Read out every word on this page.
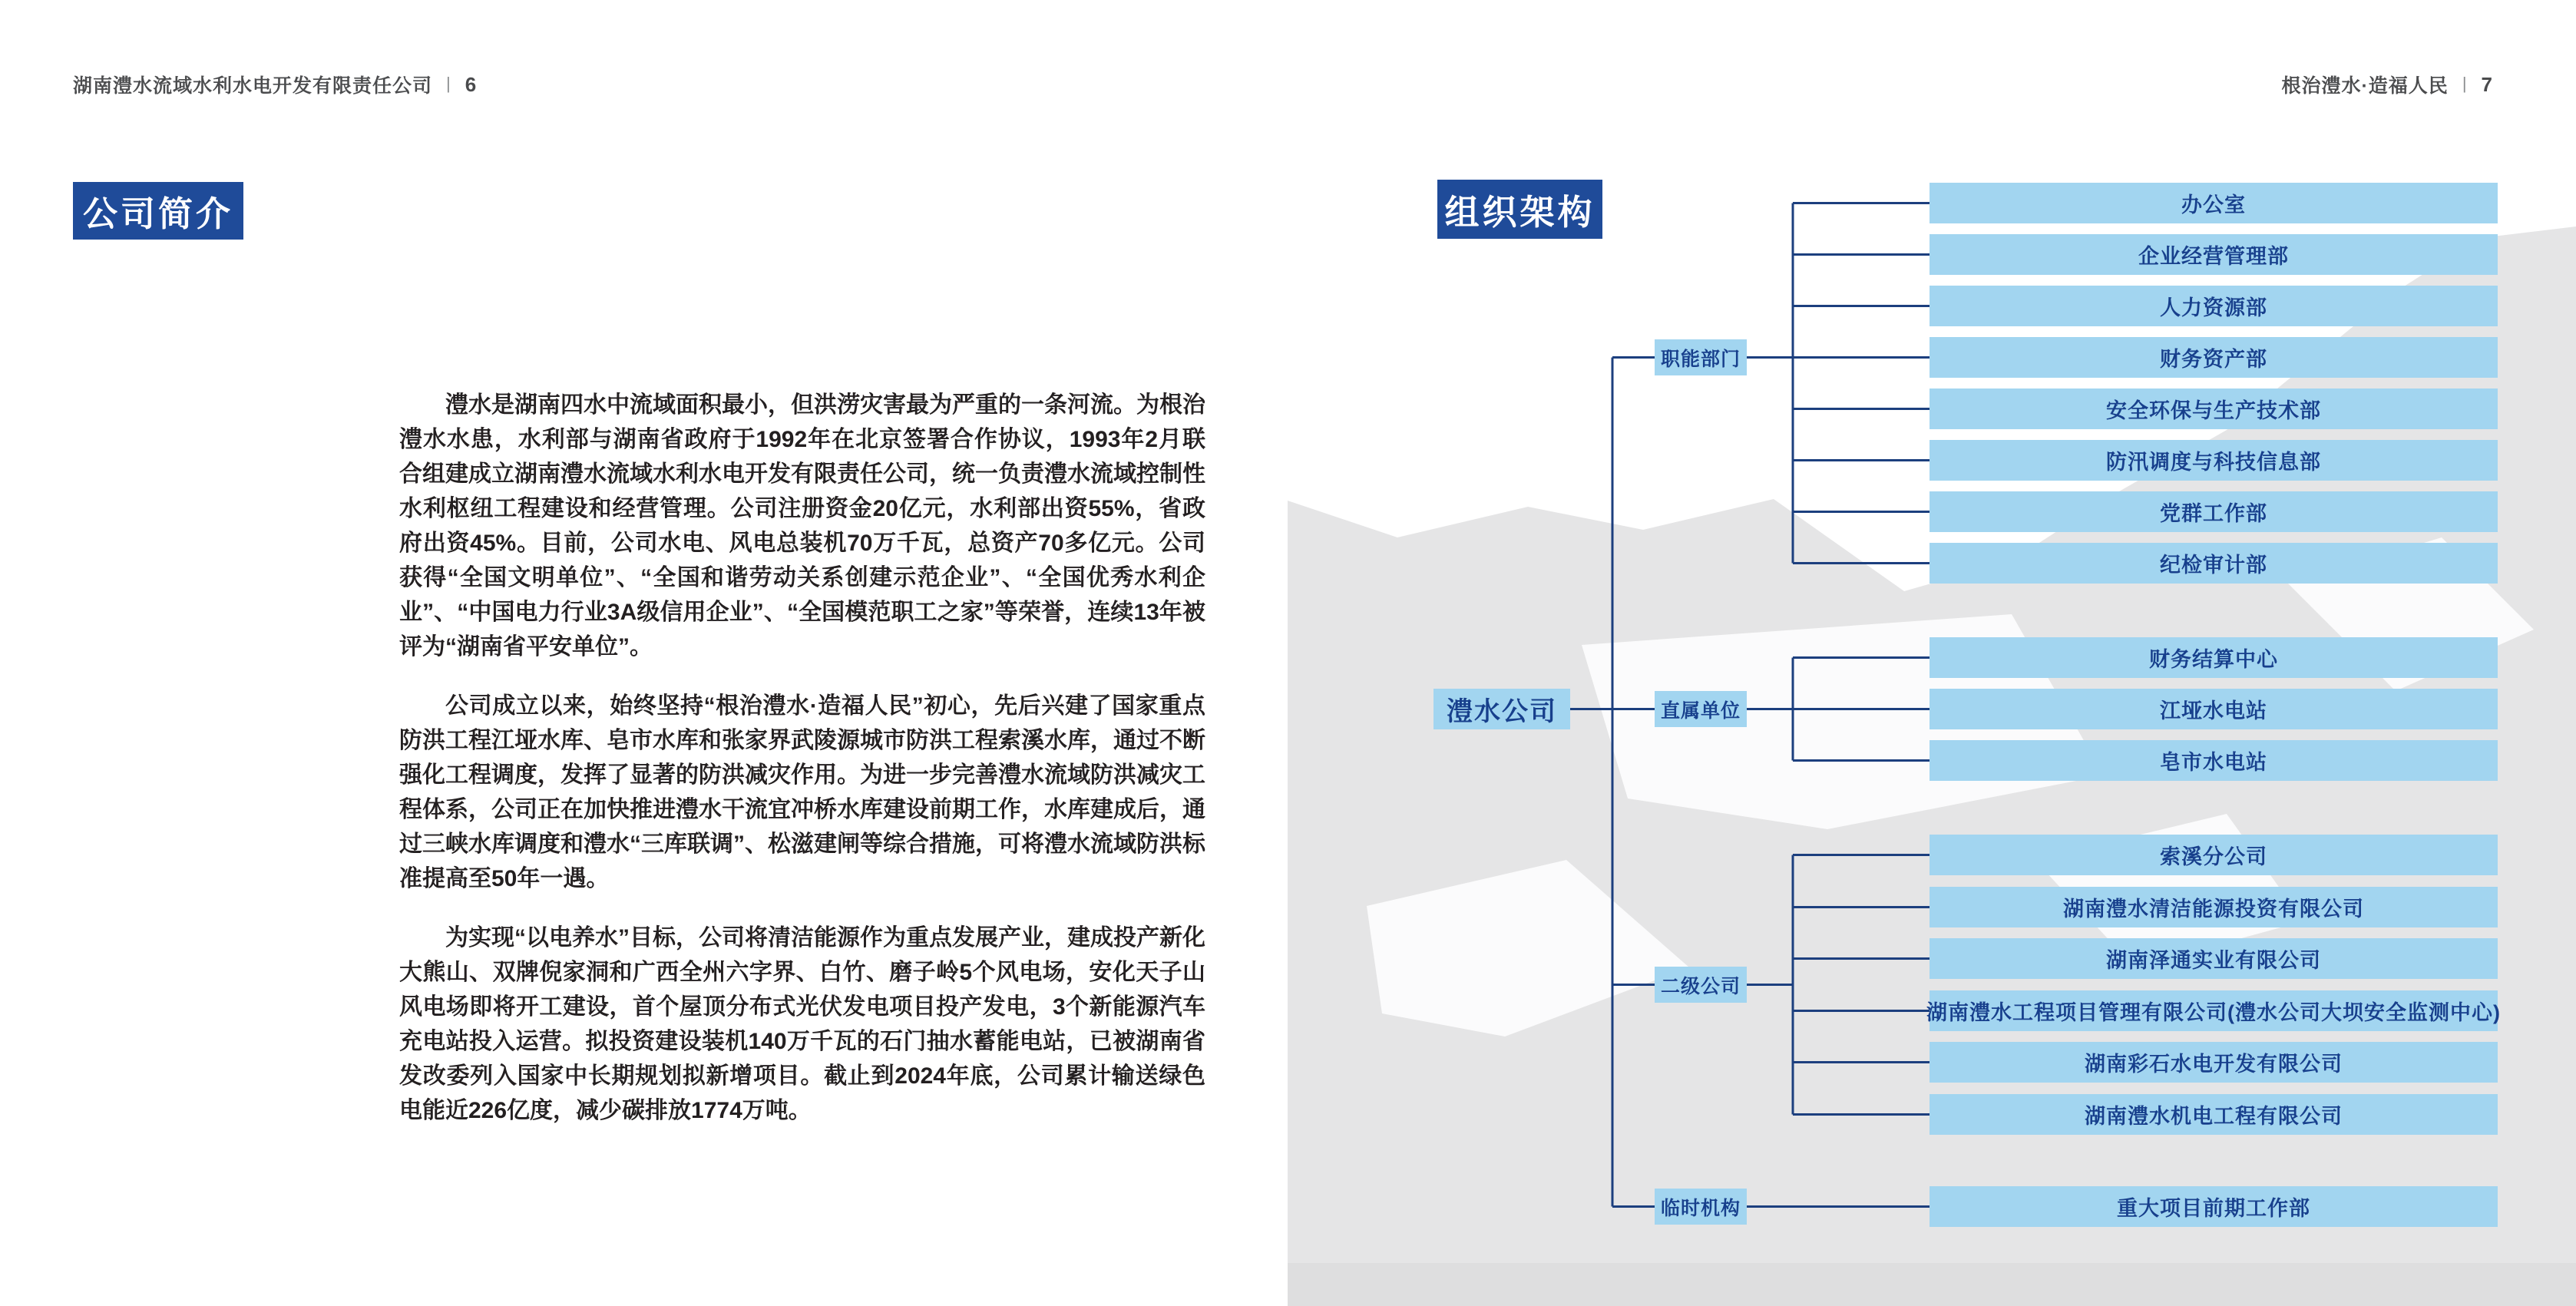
湖南澧水流域水利水电开发有限责任公司 | 6	根治澧水·造福人民 | 7
公司简介

澧水是湖南四水中流域面积最小，但洪涝灾害最为严重的一条河流。为根治澧水水患，水利部与湖南省政府于1992年在北京签署合作协议，1993年2月联合组建成立湖南澧水流域水利水电开发有限责任公司，统一负责澧水流域控制性水利枢纽工程建设和经营管理。公司注册资金20亿元，水利部出资55%，省政府出资45%。目前，公司水电、风电总装机70万千瓦，总资产70多亿元。公司获得“全国文明单位”、“全国和谐劳动关系创建示范企业”、“全国优秀水利企业”、“中国电力行业3A级信用企业”、“全国模范职工之家”等荣誉，连续13年被评为“湖南省平安单位”。

公司成立以来，始终坚持“根治澧水·造福人民”初心，先后兴建了国家重点防洪工程江垭水库、皂市水库和张家界武陵源城市防洪工程索溪水库，通过不断强化工程调度，发挥了显著的防洪减灾作用。为进一步完善澧水流域防洪减灾工程体系，公司正在加快推进澧水干流宜冲桥水库建设前期工作，水库建成后，通过三峡水库调度和澧水“三库联调”、松滋建闸等综合措施，可将澧水流域防洪标准提高至50年一遇。

为实现“以电养水”目标，公司将清洁能源作为重点发展产业，建成投产新化大熊山、双牌倪家洞和广西全州六字界、白竹、磨子岭5个风电场，安化天子山风电场即将开工建设，首个屋顶分布式光伏发电项目投产发电，3个新能源汽车充电站投入运营。拟投资建设装机140万千瓦的石门抽水蓄能电站，已被湖南省发改委列入国家中长期规划拟新增项目。截止到2024年底，公司累计输送绿色电能近226亿度，减少碳排放1774万吨。

组织架构
澧水公司
职能部门
直属单位
二级公司
临时机构
办公室
企业经营管理部
人力资源部
财务资产部
安全环保与生产技术部
防汛调度与科技信息部
党群工作部
纪检审计部
财务结算中心
江垭水电站
皂市水电站
索溪分公司
湖南澧水清洁能源投资有限公司
湖南泽通实业有限公司
湖南澧水工程项目管理有限公司(澧水公司大坝安全监测中心)
湖南彩石水电开发有限公司
湖南澧水机电工程有限公司
重大项目前期工作部
